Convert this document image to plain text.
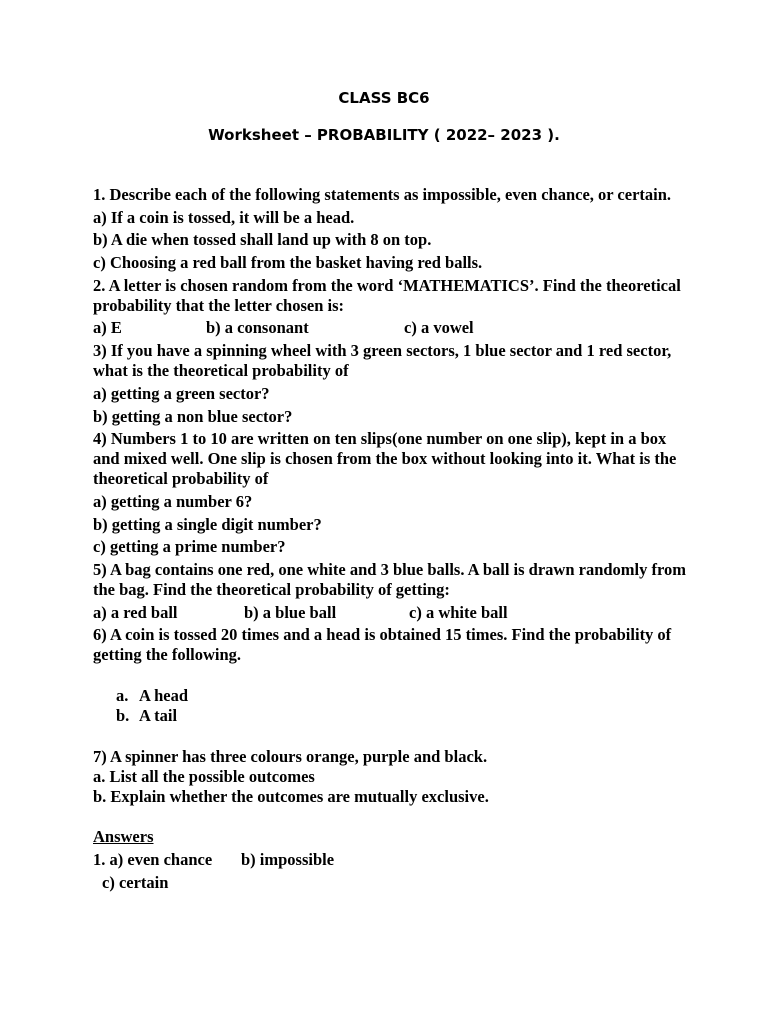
CLASS BC6
Worksheet – PROBABILITY ( 2022– 2023 ).

1. Describe each of the following statements as impossible, even chance, or certain.

a) If a coin is tossed, it will be a head.

b) A die when tossed shall land up with 8 on top.

c) Choosing a red ball from the basket having red balls.

2. A letter is chosen random from the word ‘MATHEMATICS’. Find the theoretical probability that the letter chosen is:

a) E	b) a consonant	c) a vowel

3) If you have a spinning wheel with 3 green sectors, 1 blue sector and 1 red sector, what is the theoretical probability of

a) getting a green sector?

b) getting a non blue sector?

4) Numbers 1 to 10 are written on ten slips(one number on one slip), kept in a box and mixed well. One slip is chosen from the box without looking into it. What is the theoretical probability of

a) getting a number 6?

b) getting a single digit number?

c) getting a prime number?

5) A bag contains one red, one white and 3 blue balls. A ball is drawn randomly from the bag. Find the theoretical probability of getting:

a) a red ball	b) a blue ball	c) a white ball

6) A coin is tossed 20 times and a head is obtained 15 times. Find the probability of getting the following.

a. A head
b. A tail

7) A spinner has three colours orange, purple and black.

a. List all the possible outcomes

b. Explain whether the outcomes are mutually exclusive.

Answers

1. a) even chance	b) impossible

c) certain
